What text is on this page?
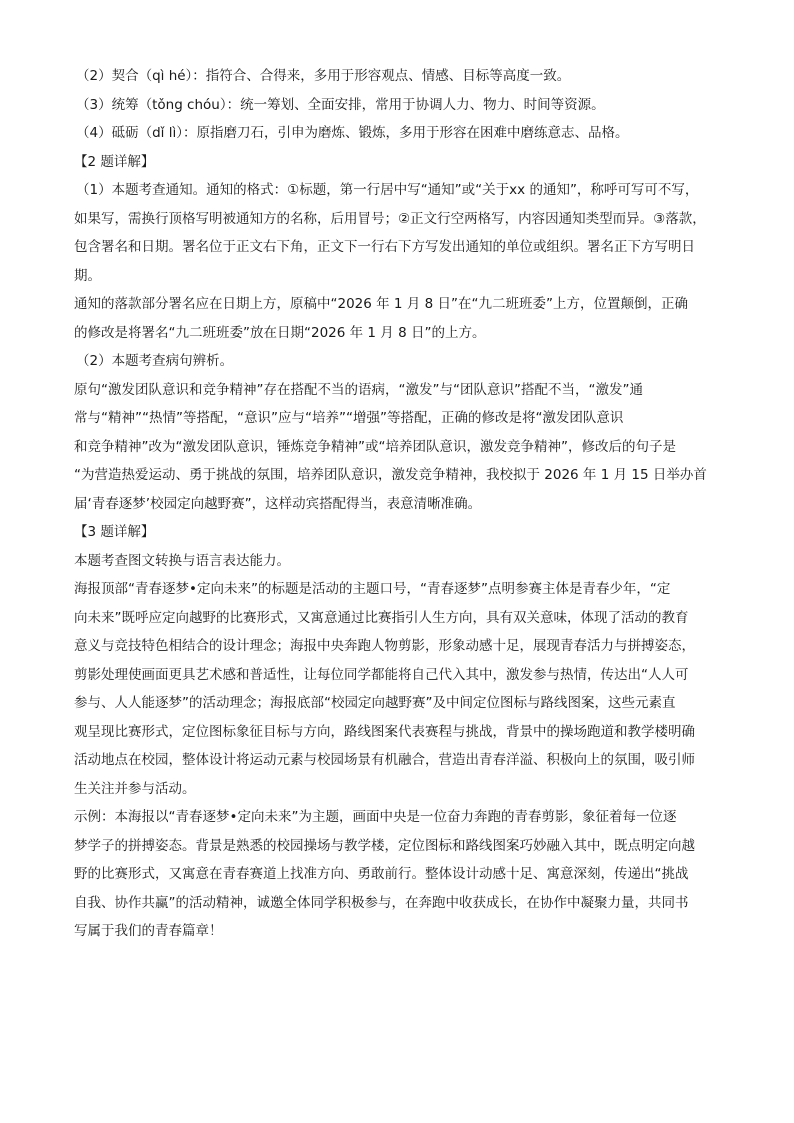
（2）契合（qì hé）：指符合、合得来，多用于形容观点、情感、目标等高度一致。
（3）统筹（tǒng chóu）：统一筹划、全面安排，常用于协调人力、物力、时间等资源。
（4）砥砺（dǐ lì）：原指磨刀石，引申为磨炼、锻炼，多用于形容在困难中磨练意志、品格。
【2 题详解】
（1）本题考查通知。通知的格式：①标题，第一行居中写“通知”或“关于xx 的通知”，称呼可写可不写，
如果写，需换行顶格写明被通知方的名称，后用冒号；②正文行空两格写，内容因通知类型而异。③落款，
包含署名和日期。署名位于正文右下角，正文下一行右下方写发出通知的单位或组织。署名正下方写明日
期。
通知的落款部分署名应在日期上方，原稿中“2026 年 1 月 8 日”在“九二班班委”上方，位置颠倒，正确
的修改是将署名“九二班班委”放在日期“2026 年 1 月 8 日”的上方。
（2）本题考查病句辨析。
原句“激发团队意识和竞争精神”存在搭配不当的语病，“激发”与“团队意识”搭配不当，“激发”通
常与“精神”“热情”等搭配，“意识”应与“培养”“增强”等搭配，正确的修改是将“激发团队意识
和竞争精神”改为“激发团队意识，锤炼竞争精神”或“培养团队意识，激发竞争精神”，修改后的句子是
“为营造热爱运动、勇于挑战的氛围，培养团队意识，激发竞争精神，我校拟于 2026 年 1 月 15 日举办首
届‘青春逐梦’校园定向越野赛”，这样动宾搭配得当，表意清晰准确。
【3 题详解】
本题考查图文转换与语言表达能力。
海报顶部“青春逐梦•定向未来”的标题是活动的主题口号，“青春逐梦”点明参赛主体是青春少年，“定
向未来”既呼应定向越野的比赛形式，又寓意通过比赛指引人生方向，具有双关意味，体现了活动的教育
意义与竞技特色相结合的设计理念；海报中央奔跑人物剪影，形象动感十足，展现青春活力与拼搏姿态，
剪影处理使画面更具艺术感和普适性，让每位同学都能将自己代入其中，激发参与热情，传达出“人人可
参与、人人能逐梦”的活动理念；海报底部“校园定向越野赛”及中间定位图标与路线图案，这些元素直
观呈现比赛形式，定位图标象征目标与方向，路线图案代表赛程与挑战，背景中的操场跑道和教学楼明确
活动地点在校园，整体设计将运动元素与校园场景有机融合，营造出青春洋溢、积极向上的氛围，吸引师
生关注并参与活动。
示例：本海报以“青春逐梦•定向未来”为主题，画面中央是一位奋力奔跑的青春剪影，象征着每一位逐
梦学子的拼搏姿态。背景是熟悉的校园操场与教学楼，定位图标和路线图案巧妙融入其中，既点明定向越
野的比赛形式，又寓意在青春赛道上找准方向、勇敢前行。整体设计动感十足、寓意深刻，传递出“挑战
自我、协作共赢”的活动精神，诚邀全体同学积极参与，在奔跑中收获成长，在协作中凝聚力量，共同书
写属于我们的青春篇章！
